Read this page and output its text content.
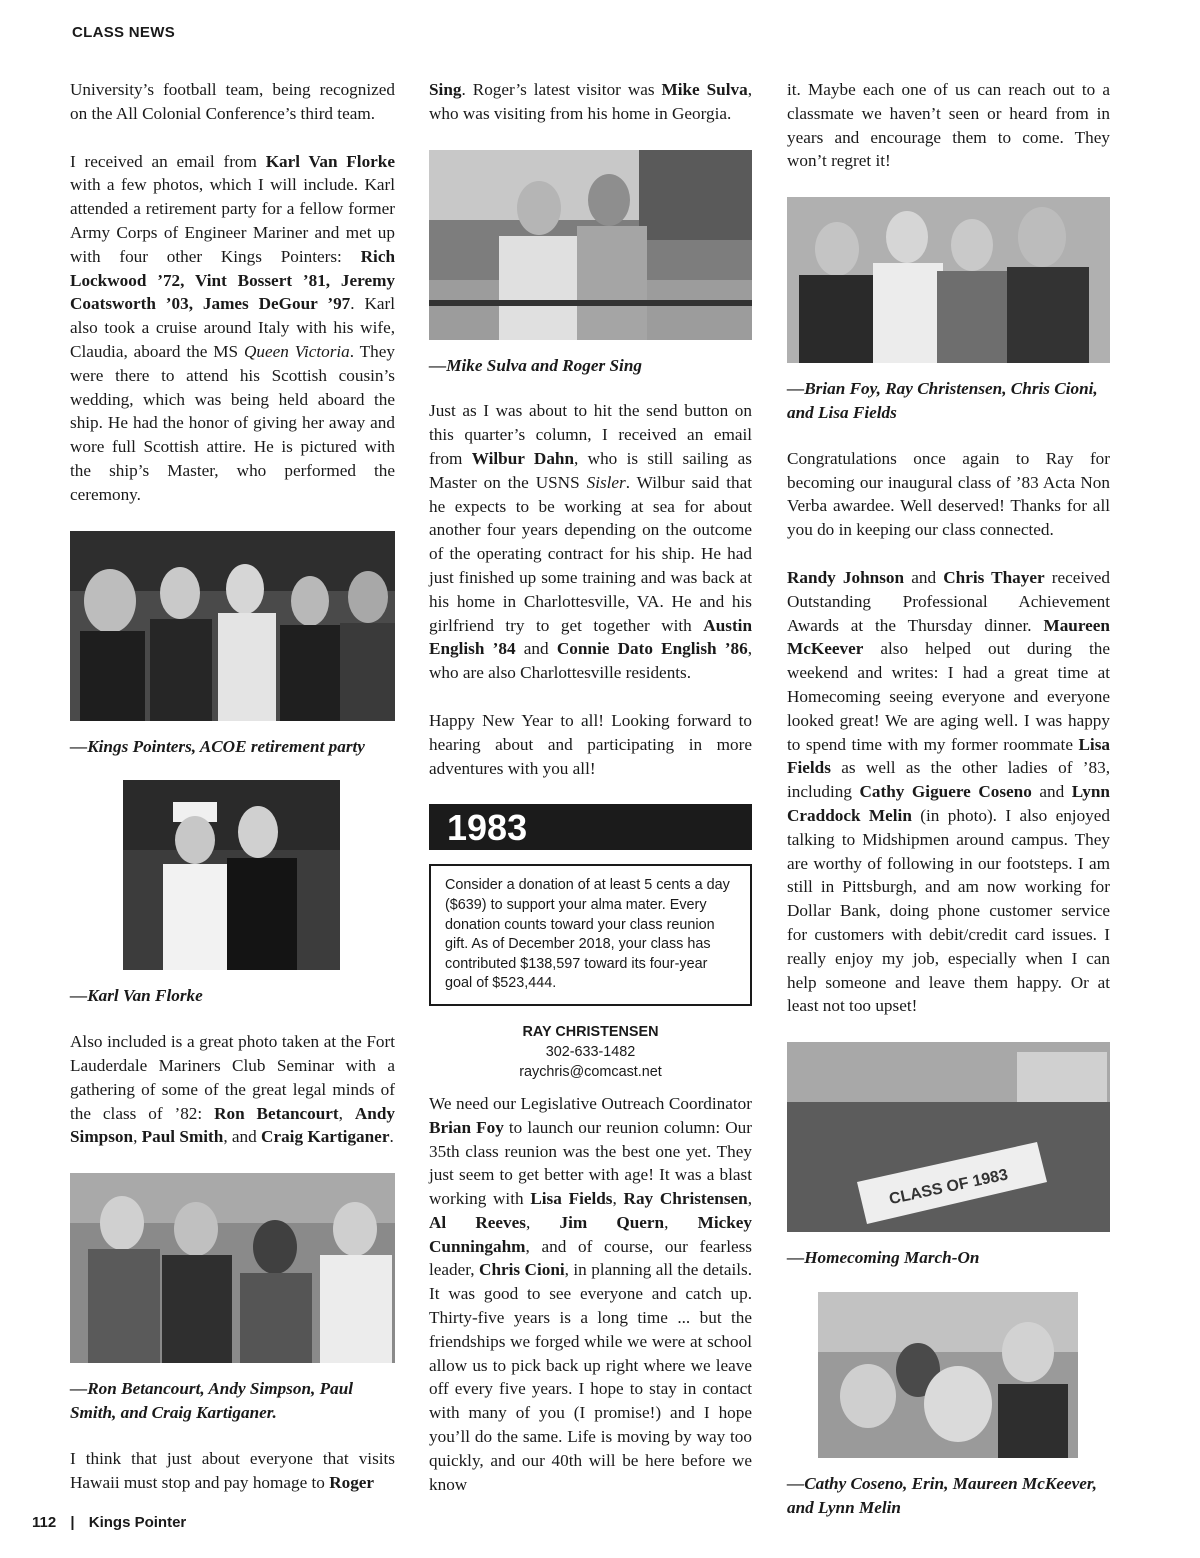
CLASS NEWS

University’s football team, being recognized on the All Colonial Conference’s third team.

I received an email from Karl Van Florke with a few photos, which I will include. Karl attended a retirement party for a fellow former Army Corps of Engineer Mariner and met up with four other Kings Pointers: Rich Lockwood ’72, Vint Bossert ’81, Jeremy Coatsworth ’03, James DeGour ’97. Karl also took a cruise around Italy with his wife, Claudia, aboard the MS Queen Victoria. They were there to attend his Scottish cousin’s wedding, which was being held aboard the ship. He had the honor of giving her away and wore full Scottish attire. He is pictured with the ship’s Master, who performed the ceremony.

—Kings Pointers, ACOE retirement party
—Karl Van Florke

Also included is a great photo taken at the Fort Lauderdale Mariners Club Seminar with a gathering of some of the great legal minds of the class of ’82: Ron Betancourt, Andy Simpson, Paul Smith, and Craig Kartiganer.

—Ron Betancourt, Andy Simpson, Paul Smith, and Craig Kartiganer.

I think that just about everyone that visits Hawaii must stop and pay homage to Roger

Sing. Roger’s latest visitor was Mike Sulva, who was visiting from his home in Georgia.

—Mike Sulva and Roger Sing

Just as I was about to hit the send button on this quarter’s column, I received an email from Wilbur Dahn, who is still sailing as Master on the USNS Sisler. Wilbur said that he expects to be working at sea for about another four years depending on the outcome of the operating contract for his ship. He had just finished up some training and was back at his home in Charlottesville, VA. He and his girlfriend try to get together with Austin English ’84 and Connie Dato English ’86, who are also Charlottesville residents.

Happy New Year to all! Looking forward to hearing about and participating in more adventures with you all!

1983
Consider a donation of at least 5 cents a day ($639) to support your alma mater. Every donation counts toward your class reunion gift. As of December 2018, your class has contributed $138,597 toward its four-year goal of $523,444.
RAY CHRISTENSEN
302-633-1482
raychris@comcast.net

We need our Legislative Outreach Coordinator Brian Foy to launch our reunion column: Our 35th class reunion was the best one yet. They just seem to get better with age! It was a blast working with Lisa Fields, Ray Christensen, Al Reeves, Jim Quern, Mickey Cunningahm, and of course, our fearless leader, Chris Cioni, in planning all the details. It was good to see everyone and catch up. Thirty-five years is a long time ... but the friendships we forged while we were at school allow us to pick back up right where we leave off every five years. I hope to stay in contact with many of you (I promise!) and I hope you’ll do the same. Life is moving by way too quickly, and our 40th will be here before we know

it. Maybe each one of us can reach out to a classmate we haven’t seen or heard from in years and encourage them to come. They won’t regret it!

—Brian Foy, Ray Christensen, Chris Cioni, and Lisa Fields

Congratulations once again to Ray for becoming our inaugural class of ’83 Acta Non Verba awardee. Well deserved! Thanks for all you do in keeping our class connected.

Randy Johnson and Chris Thayer received Outstanding Professional Achievement Awards at the Thursday dinner. Maureen McKeever also helped out during the weekend and writes: I had a great time at Homecoming seeing everyone and everyone looked great! We are aging well. I was happy to spend time with my former roommate Lisa Fields as well as the other ladies of ’83, including Cathy Giguere Coseno and Lynn Craddock Melin (in photo). I also enjoyed talking to Midshipmen around campus. They are worthy of following in our footsteps. I am still in Pittsburgh, and am now working for Dollar Bank, doing phone customer service for customers with debit/credit card issues. I really enjoy my job, especially when I can help someone and leave them happy. Or at least not too upset!

CLASS OF 1983
—Homecoming March-On
—Cathy Coseno, Erin, Maureen McKeever, and Lynn Melin
112 | Kings Pointer
